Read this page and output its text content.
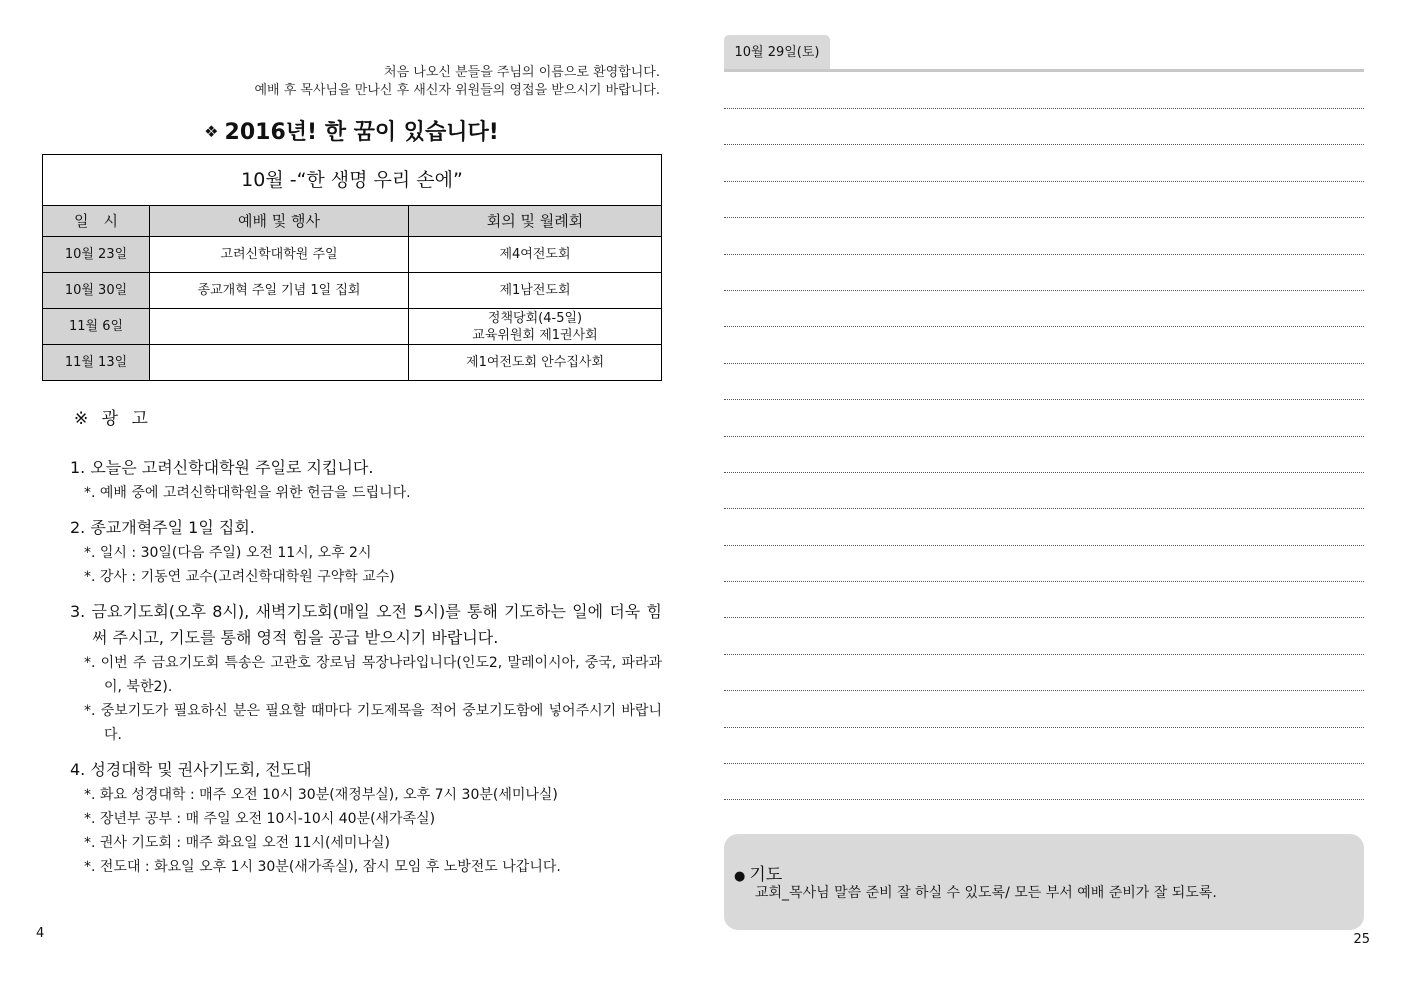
처음 나오신 분들을 주님의 이름으로 환영합니다.
예배 후 목사님을 만나신 후 새신자 위원들의 영접을 받으시기 바랍니다.
❖ 2016년! 한 꿈이 있습니다!
10월 -“한 생명 우리 손에”		
일　시	예배 및 행사	회의 및 월례회
10월 23일	고려신학대학원 주일	제4여전도회
10월 30일	종교개혁 주일 기념 1일 집회	제1남전도회
11월 6일		정책당회(4-5일)
교육위원회 제1권사회

11월 13일		제1여전도회 안수집사회
※ 광 고
1. 오늘은 고려신학대학원 주일로 지킵니다.
*. 예배 중에 고려신학대학원을 위한 헌금을 드립니다.
2. 종교개혁주일 1일 집회.
*. 일시 : 30일(다음 주일) 오전 11시, 오후 2시
*. 강사 : 기동연 교수(고려신학대학원 구약학 교수)
3. 금요기도회(오후 8시), 새벽기도회(매일 오전 5시)를 통해 기도하는 일에 더욱 힘써 주시고, 기도를 통해 영적 힘을 공급 받으시기 바랍니다.
*. 이번 주 금요기도회 특송은 고관호 장로님 목장나라입니다(인도2, 말레이시아, 중국, 파라과이, 북한2).
*. 중보기도가 필요하신 분은 필요할 때마다 기도제목을 적어 중보기도함에 넣어주시기 바랍니다.
4. 성경대학 및 권사기도회, 전도대
*. 화요 성경대학 : 매주 오전 10시 30분(재정부실), 오후 7시 30분(세미나실)
*. 장년부 공부 : 매 주일 오전 10시-10시 40분(새가족실)
*. 권사 기도회 : 매주 화요일 오전 11시(세미나실)
*. 전도대 : 화요일 오후 1시 30분(새가족실), 잠시 모임 후 노방전도 나갑니다.
4
10월 29일(토)
● 기도
교회_목사님 말씀 준비 잘 하실 수 있도록/ 모든 부서 예배 준비가 잘 되도록.
25
